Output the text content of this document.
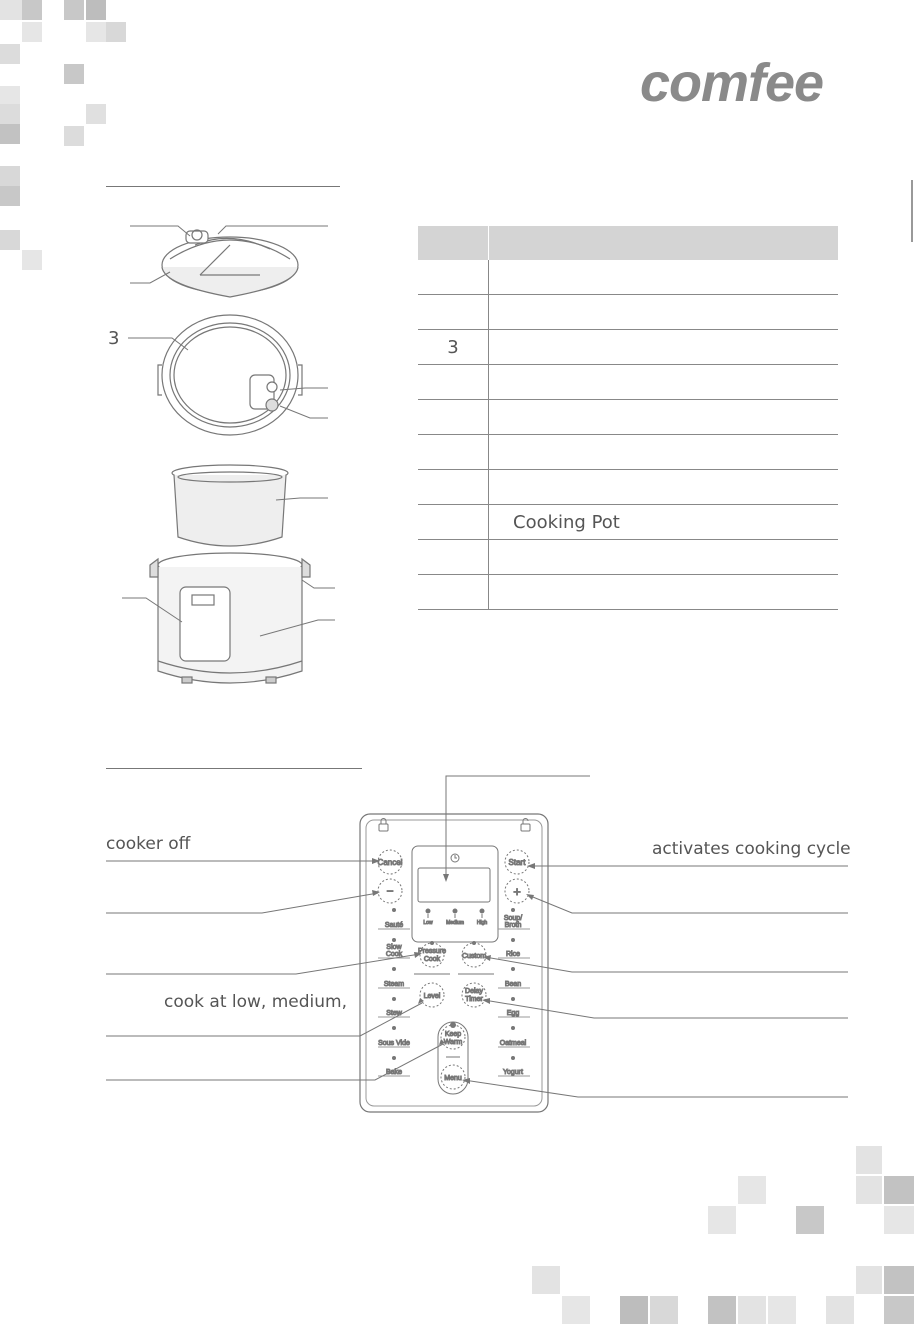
comfee
3

		3	

	Cooking Pot

cooker off	activates cooking cycle
cook at low, medium,
Cancel
−
Start
+
Pressure
Cook	Custom
Level
Delay
Timer
Keep
Warm
Menu
Low	Medium	High
Sauté
Slow
Cook
Steam
Stew
Sous Vide
Bake
Soup/
Broth
Rice
Bean
Egg
Oatmeal
Yogurt
